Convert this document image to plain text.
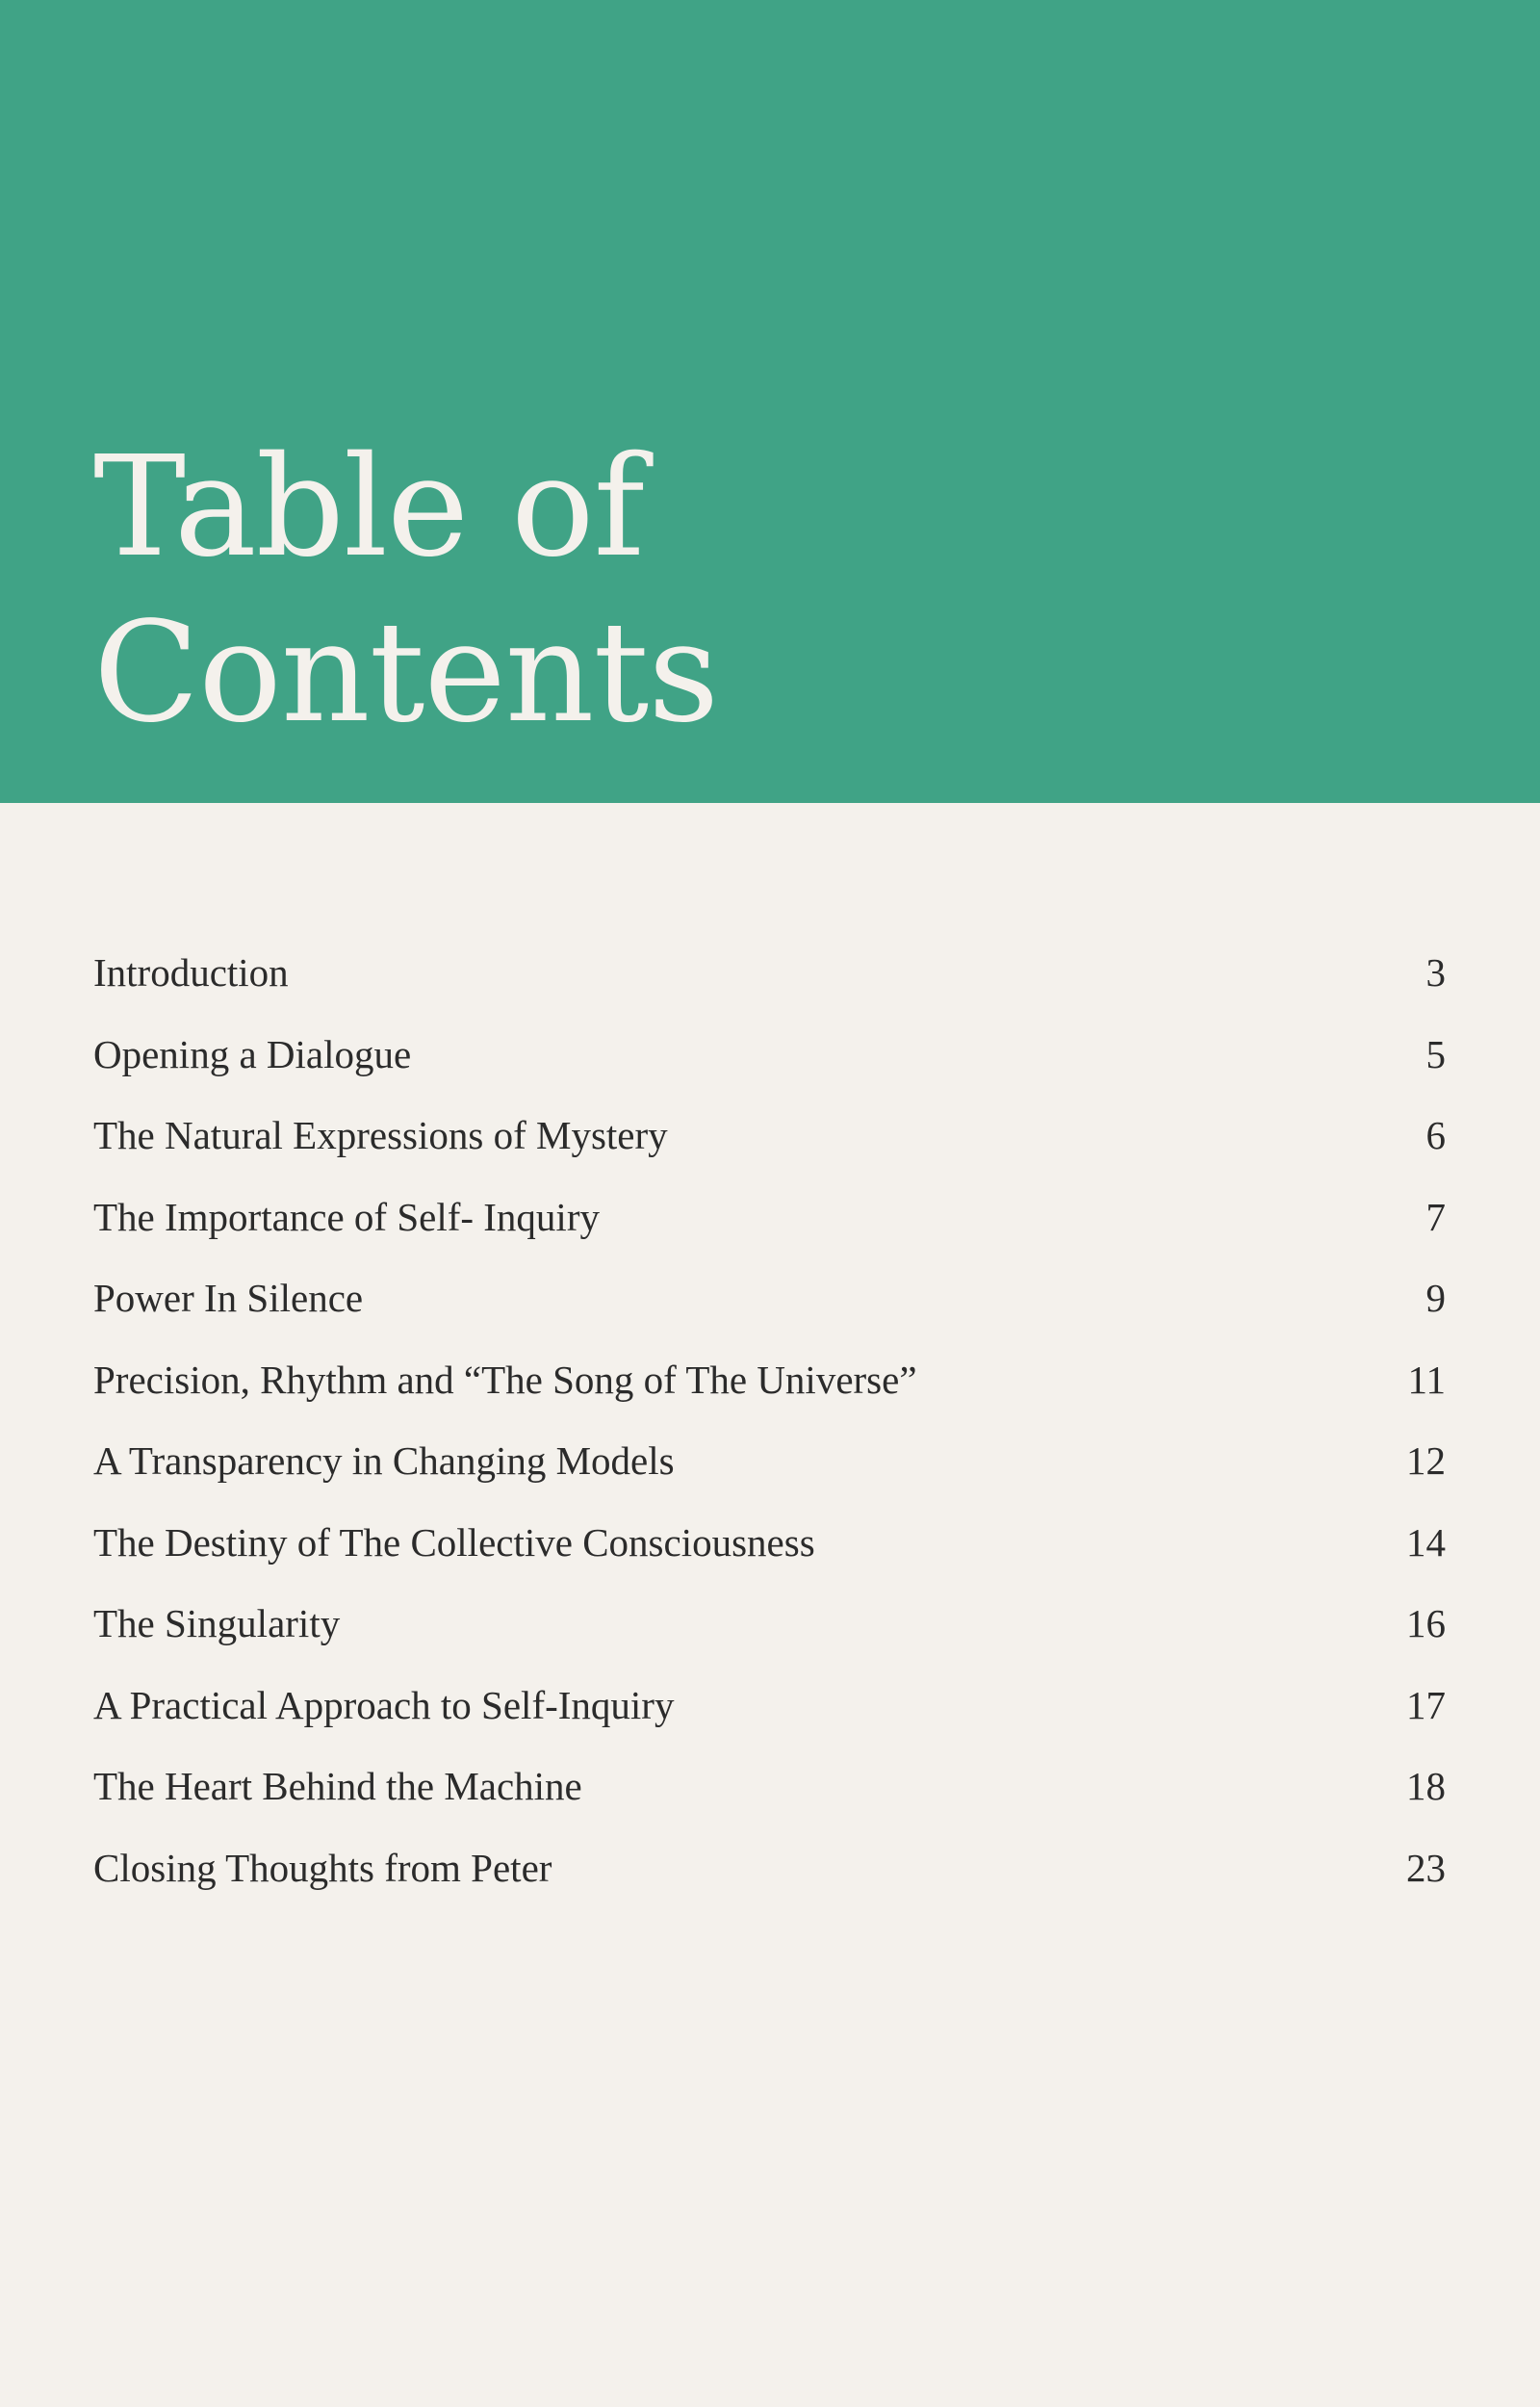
Table of
Contents
Introduction	3
Opening a Dialogue	5
The Natural Expressions of Mystery	6
The Importance of Self- Inquiry	7
Power In Silence	9
Precision, Rhythm and “The Song of The Universe”	11
A Transparency in Changing Models	12
The Destiny of The Collective Consciousness	14
The Singularity	16
A Practical Approach to Self-Inquiry	17
The Heart Behind the Machine	18
Closing Thoughts from Peter	23
